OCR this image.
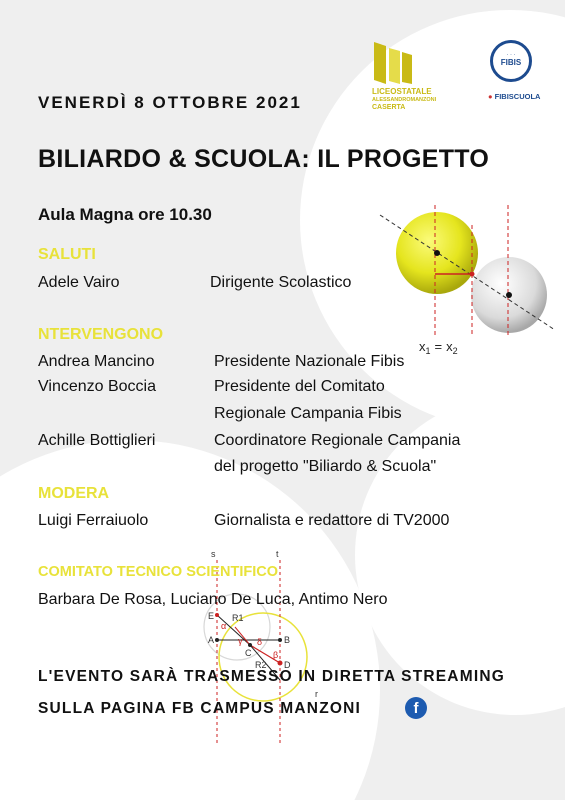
LICEOSTATALE
ALESSANDROMANZONI
CASERTA
· · ·
FIBIS
● FIBISCUOLA
$x_1 = x_2$
s	t
r
E
A	B
C
D
R1
R2
α
γ δ
β
VENERDÌ 8 OTTOBRE 2021
BILIARDO & SCUOLA: IL PROGETTO
Aula Magna ore 10.30
SALUTI
Adele Vairo	Dirigente Scolastico
NTERVENGONO
Andrea Mancino	Presidente Nazionale Fibis
Vincenzo Boccia	Presidente del Comitato
Regionale Campania Fibis
Achille Bottiglieri	Coordinatore Regionale Campania
del progetto "Biliardo & Scuola"
MODERA
Luigi Ferraiuolo	Giornalista e redattore di TV2000
COMITATO TECNICO SCIENTIFICO
Barbara De Rosa, Luciano De Luca, Antimo Nero
L'EVENTO SARÀ TRASMESSO IN DIRETTA STREAMING
SULLA PAGINA FB CAMPUS MANZONI	f
